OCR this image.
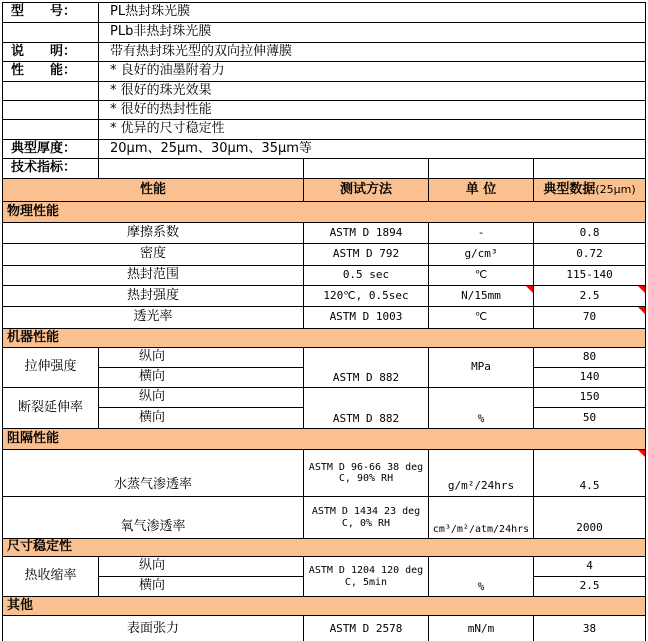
型　　号：	PL热封珠光膜			
	PLb非热封珠光膜			
说　　明：	带有热封珠光型的双向拉伸薄膜			
性　　能：	* 良好的油墨附着力			
	* 很好的珠光效果			
	* 很好的热封性能			
	* 优异的尺寸稳定性			
典型厚度：	20μm、25μm、30μm、35μm等			
技术指标：				
性能		测试方法	单 位	典型数据(25μm)
物理性能				
摩擦系数		ASTM D 1894	-	0.8
密度		ASTM D 792	g/cm³	0.72
热封范围		0.5 sec	℃	115-140
热封强度		120℃, 0.5sec	N/15mm	2.5

透光率		ASTM D 1003	℃	70

机器性能				
拉伸强度	纵向	ASTM D 882	MPa	80
	横向			140
断裂延伸率	纵向	ASTM D 882	%	150
	横向			50
阻隔性能				
水蒸气渗透率		ASTM D 96-66 38 deg C, 90% RH	g/m²/24hrs	4.5

氧气渗透率		ASTM D 1434 23 deg C, 0% RH	cm³/m²/atm/24hrs	2000
尺寸稳定性				
热收缩率	纵向	ASTM D 1204 120 deg C, 5min	%	4
	横向			2.5
其他				
表面张力		ASTM D 2578	mN/m	38
